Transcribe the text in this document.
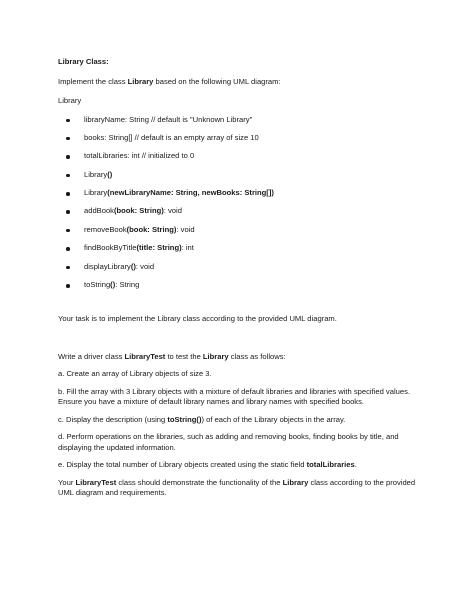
Library Class:

Implement the class Library based on the following UML diagram:

Library

libraryName: String // default is "Unknown Library"
books: String[] // default is an empty array of size 10
totalLibraries: int // initialized to 0
Library()
Library(newLibraryName: String, newBooks: String[])
addBook(book: String): void
removeBook(book: String): void
findBookByTitle(title: String): int
displayLibrary(): void
toString(): String

Your task is to implement the Library class according to the provided UML diagram.

Write a driver class LibraryTest to test the Library class as follows:

a. Create an array of Library objects of size 3.

b. Fill the array with 3 Library objects with a mixture of default libraries and libraries with specified values. Ensure you have a mixture of default library names and library names with specified books.

c. Display the description (using toString()) of each of the Library objects in the array.

d. Perform operations on the libraries, such as adding and removing books, finding books by title, and displaying the updated information.

e. Display the total number of Library objects created using the static field totalLibraries.

Your LibraryTest class should demonstrate the functionality of the Library class according to the provided UML diagram and requirements.
